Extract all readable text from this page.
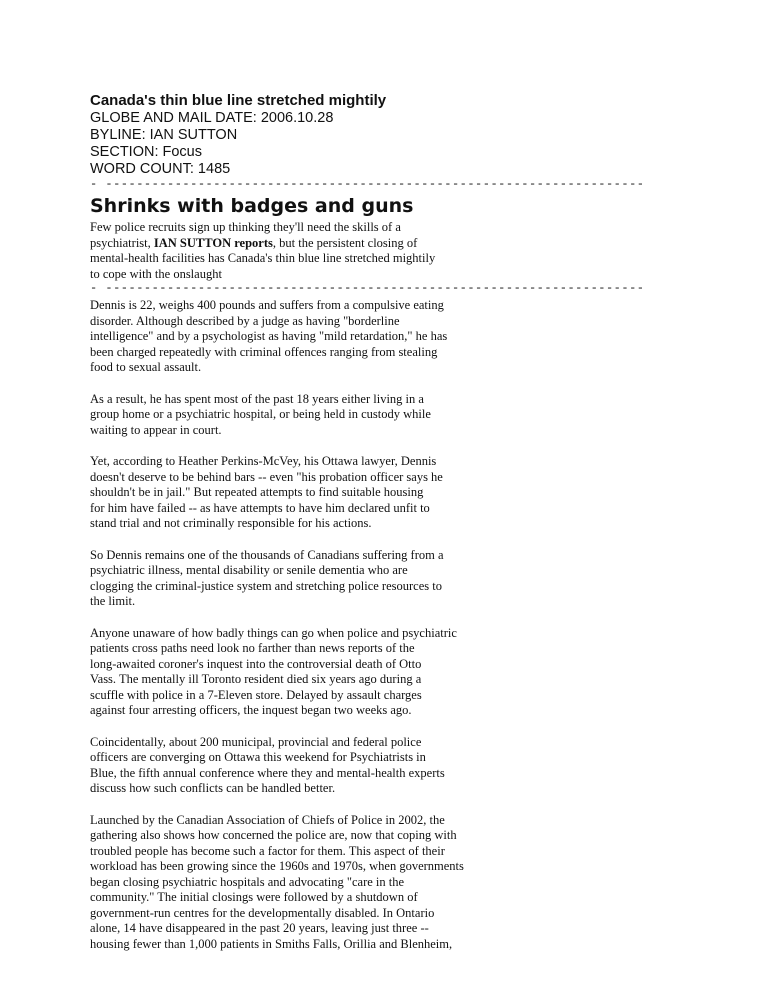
Canada's thin blue line stretched mightily

GLOBE AND MAIL DATE: 2006.10.28

BYLINE: IAN SUTTON

SECTION: Focus

WORD COUNT: 1485

- ----------------------------------------------------------------------

Shrinks with badges and guns

Few police recruits sign up thinking they'll need the skills of a
psychiatrist, IAN SUTTON reports, but the persistent closing of
mental-health facilities has Canada's thin blue line stretched mightily
to cope with the onslaught
- ----------------------------------------------------------------------

Dennis is 22, weighs 400 pounds and suffers from a compulsive eating

disorder. Although described by a judge as having "borderline

intelligence" and by a psychologist as having "mild retardation," he has

been charged repeatedly with criminal offences ranging from stealing

food to sexual assault.

As a result, he has spent most of the past 18 years either living in a

group home or a psychiatric hospital, or being held in custody while

waiting to appear in court.

Yet, according to Heather Perkins-McVey, his Ottawa lawyer, Dennis

doesn't deserve to be behind bars -- even "his probation officer says he

shouldn't be in jail." But repeated attempts to find suitable housing

for him have failed -- as have attempts to have him declared unfit to

stand trial and not criminally responsible for his actions.

So Dennis remains one of the thousands of Canadians suffering from a

psychiatric illness, mental disability or senile dementia who are

clogging the criminal-justice system and stretching police resources to

the limit.

Anyone unaware of how badly things can go when police and psychiatric

patients cross paths need look no farther than news reports of the

long-awaited coroner's inquest into the controversial death of Otto

Vass. The mentally ill Toronto resident died six years ago during a

scuffle with police in a 7-Eleven store. Delayed by assault charges

against four arresting officers, the inquest began two weeks ago.

Coincidentally, about 200 municipal, provincial and federal police

officers are converging on Ottawa this weekend for Psychiatrists in

Blue, the fifth annual conference where they and mental-health experts

discuss how such conflicts can be handled better.

Launched by the Canadian Association of Chiefs of Police in 2002, the

gathering also shows how concerned the police are, now that coping with

troubled people has become such a factor for them. This aspect of their

workload has been growing since the 1960s and 1970s, when governments

began closing psychiatric hospitals and advocating "care in the

community." The initial closings were followed by a shutdown of

government-run centres for the developmentally disabled. In Ontario

alone, 14 have disappeared in the past 20 years, leaving just three --

housing fewer than 1,000 patients in Smiths Falls, Orillia and Blenheim,
